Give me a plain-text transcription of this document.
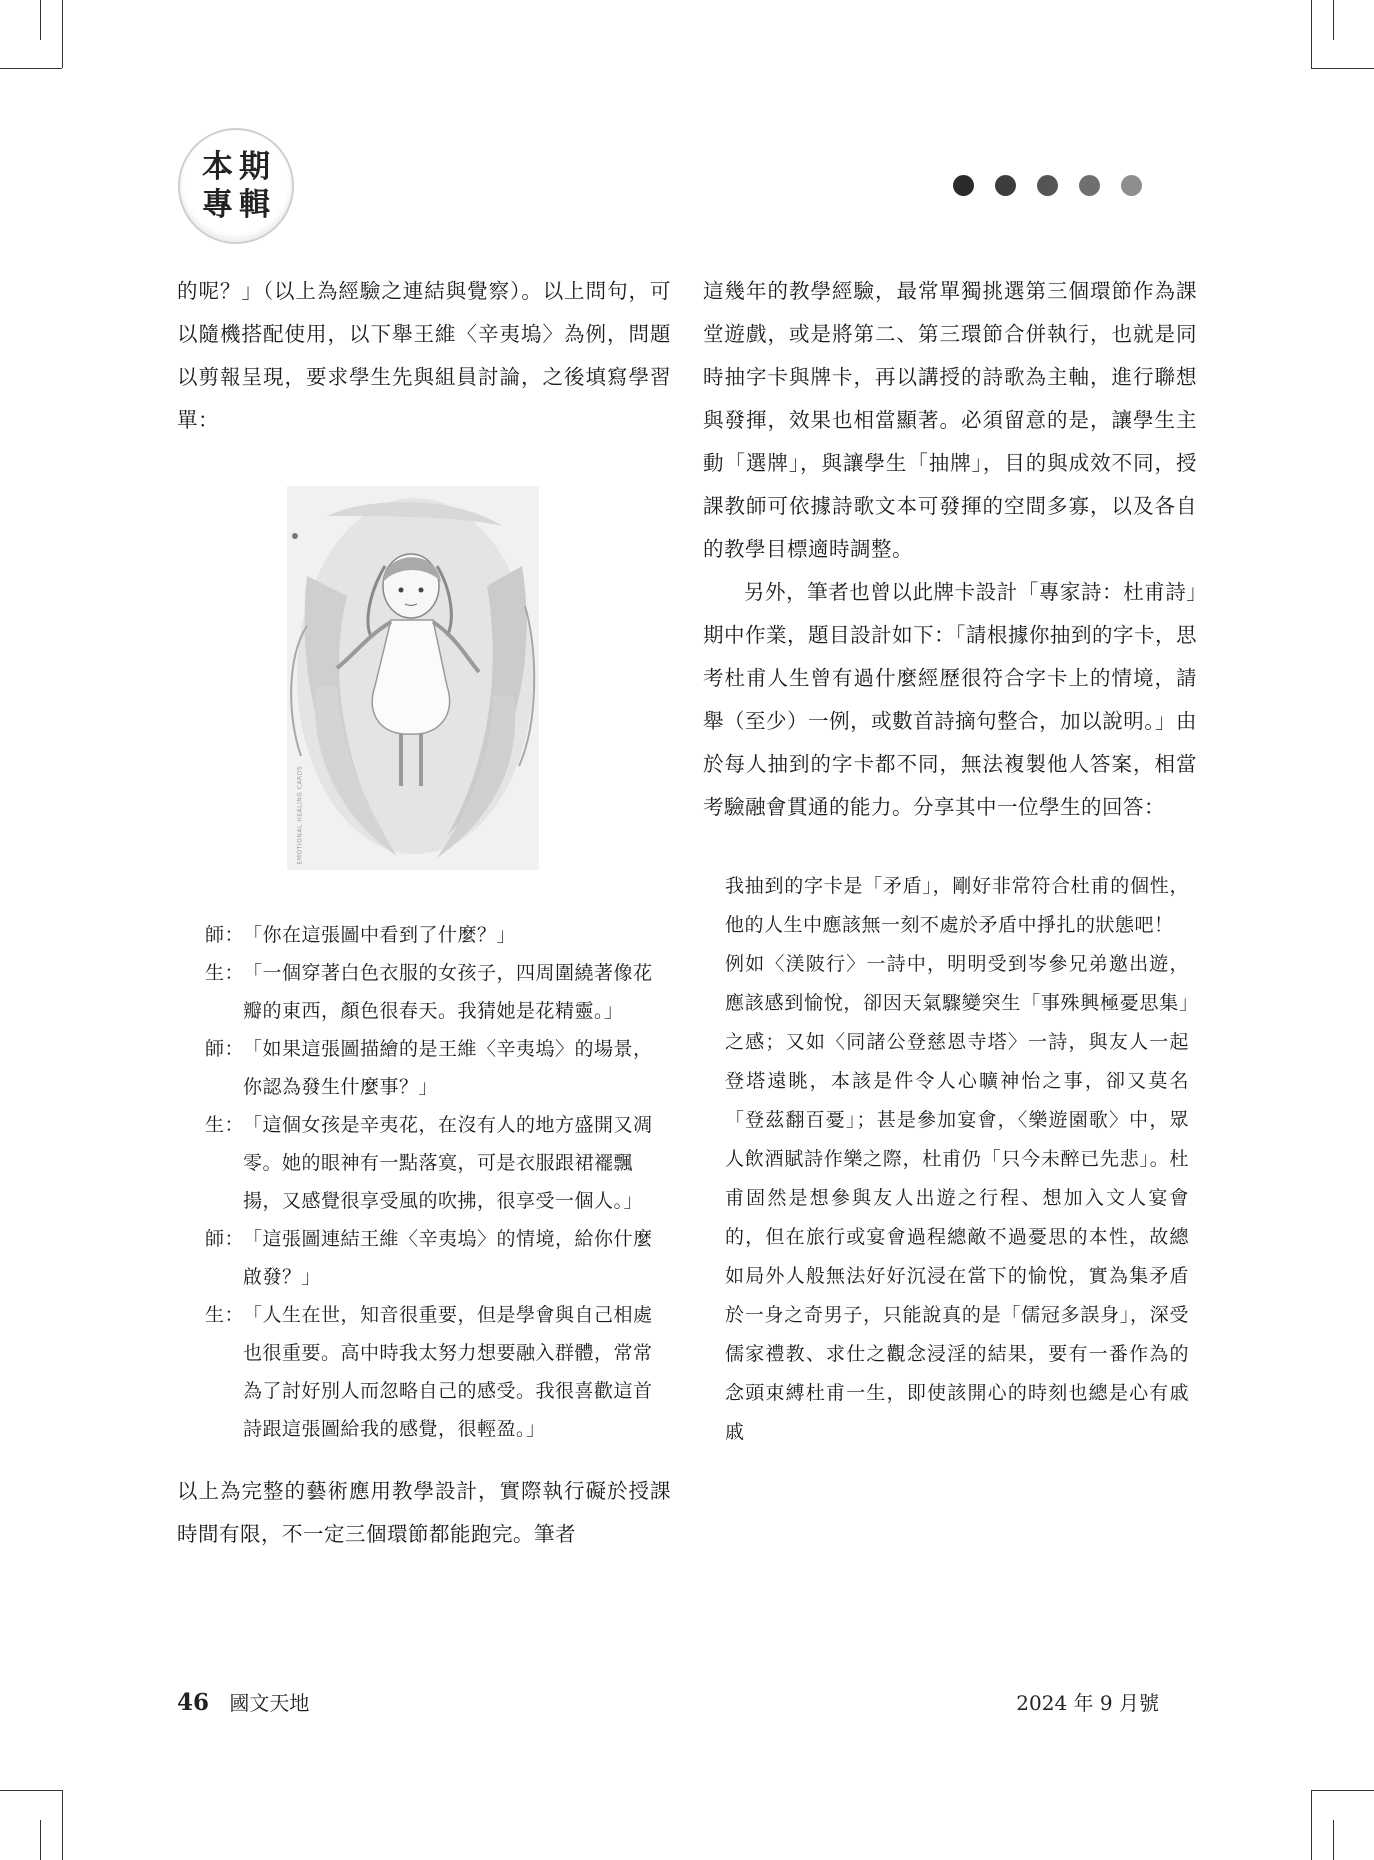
本期
專輯

的呢？」（以上為經驗之連結與覺察）。以上問句，可以隨機搭配使用，以下舉王維〈辛夷塢〉為例，問題以剪報呈現，要求學生先與組員討論，之後填寫學習單：

EMOTIONAL HEALING CARDS
師：
「你在這張圖中看到了什麼？」
生：
「一個穿著白色衣服的女孩子，四周圍繞著像花瓣的東西，顏色很春天。我猜她是花精靈。」
師：
「如果這張圖描繪的是王維〈辛夷塢〉的場景，你認為發生什麼事？」
生：
「這個女孩是辛夷花，在沒有人的地方盛開又凋零。她的眼神有一點落寞，可是衣服跟裙襬飄揚，又感覺很享受風的吹拂，很享受一個人。」
師：
「這張圖連結王維〈辛夷塢〉的情境，給你什麼啟發？」
生：
「人生在世，知音很重要，但是學會與自己相處也很重要。高中時我太努力想要融入群體，常常為了討好別人而忽略自己的感受。我很喜歡這首詩跟這張圖給我的感覺，很輕盈。」

以上為完整的藝術應用教學設計，實際執行礙於授課時間有限，不一定三個環節都能跑完。筆者

這幾年的教學經驗，最常單獨挑選第三個環節作為課堂遊戲，或是將第二、第三環節合併執行，也就是同時抽字卡與牌卡，再以講授的詩歌為主軸，進行聯想與發揮，效果也相當顯著。必須留意的是，讓學生主動「選牌」，與讓學生「抽牌」，目的與成效不同，授課教師可依據詩歌文本可發揮的空間多寡，以及各自的教學目標適時調整。

另外，筆者也曾以此牌卡設計「專家詩：杜甫詩」期中作業，題目設計如下：「請根據你抽到的字卡，思考杜甫人生曾有過什麼經歷很符合字卡上的情境，請舉（至少）一例，或數首詩摘句整合，加以說明。」由於每人抽到的字卡都不同，無法複製他人答案，相當考驗融會貫通的能力。分享其中一位學生的回答：

我抽到的字卡是「矛盾」，剛好非常符合杜甫的個性，他的人生中應該無一刻不處於矛盾中掙扎的狀態吧！

例如〈渼陂行〉一詩中，明明受到岑參兄弟邀出遊，應該感到愉悅，卻因天氣驟變突生「事殊興極憂思集」之感；又如〈同諸公登慈恩寺塔〉一詩，與友人一起登塔遠眺，本該是件令人心曠神怡之事，卻又莫名「登茲翻百憂」；甚是參加宴會，〈樂遊園歌〉中，眾人飲酒賦詩作樂之際，杜甫仍「只今未醉已先悲」。杜甫固然是想參與友人出遊之行程、想加入文人宴會的，但在旅行或宴會過程總敵不過憂思的本性，故總如局外人般無法好好沉浸在當下的愉悅，實為集矛盾於一身之奇男子，只能說真的是「儒冠多誤身」，深受儒家禮教、求仕之觀念浸淫的結果，要有一番作為的念頭束縛杜甫一生，即使該開心的時刻也總是心有戚戚

46 國文天地	2024 年 9 月號
